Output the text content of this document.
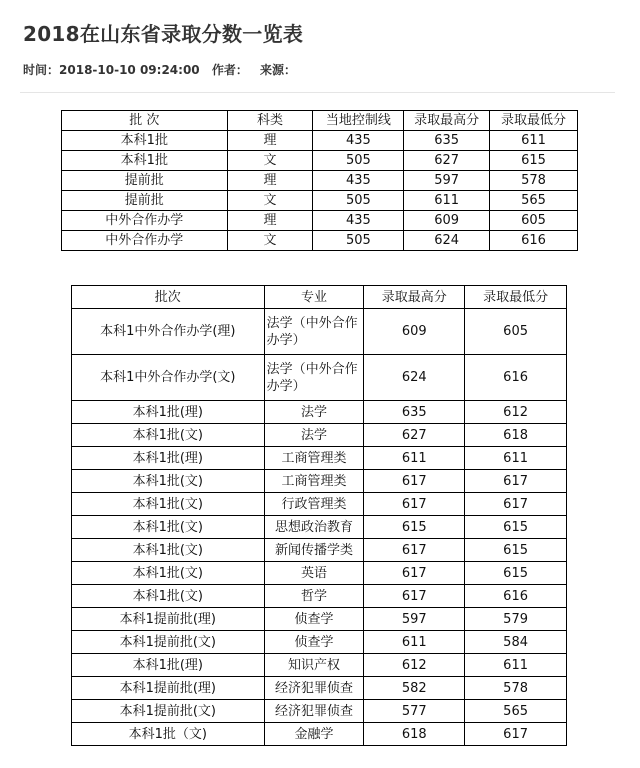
2018在山东省录取分数一览表
时间：2018-10-10 09:24:00 作者： 来源：
批 次	科类	当地控制线	录取最高分	录取最低分
本科1批	理	435	635	611
本科1批	文	505	627	615
提前批	理	435	597	578
提前批	文	505	611	565
中外合作办学	理	435	609	605
中外合作办学	文	505	624	616
批次	专业	录取最高分	录取最低分
本科1中外合作办学(理)	法学（中外合作办学）	609	605
本科1中外合作办学(文)	法学（中外合作办学）	624	616
本科1批(理)	法学	635	612
本科1批(文)	法学	627	618
本科1批(理)	工商管理类	611	611
本科1批(文)	工商管理类	617	617
本科1批(文)	行政管理类	617	617
本科1批(文)	思想政治教育	615	615
本科1批(文)	新闻传播学类	617	615
本科1批(文)	英语	617	615
本科1批(文)	哲学	617	616
本科1提前批(理)	侦查学	597	579
本科1提前批(文)	侦查学	611	584
本科1批(理)	知识产权	612	611
本科1提前批(理)	经济犯罪侦查	582	578
本科1提前批(文)	经济犯罪侦查	577	565
本科1批（文)	金融学	618	617
